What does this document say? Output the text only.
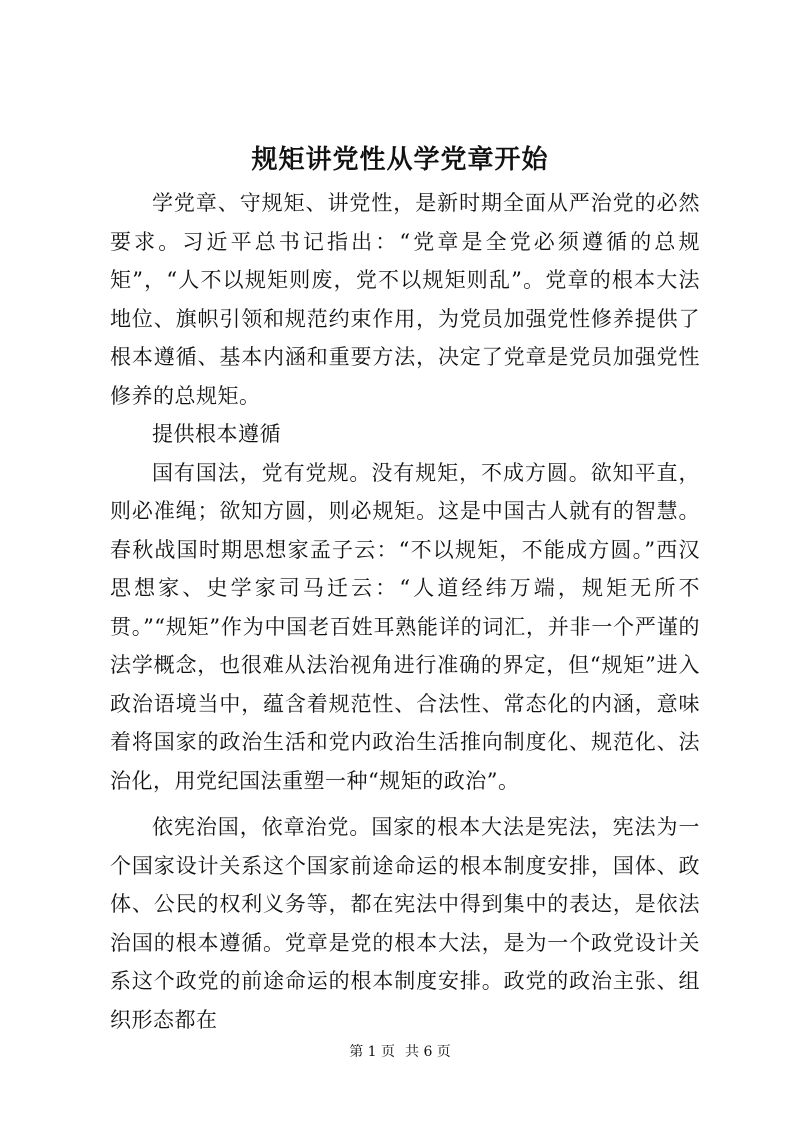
规矩讲党性从学党章开始

学党章、守规矩、讲党性，是新时期全面从严治党的必然要求。习近平总书记指出：“党章是全党必须遵循的总规矩”，“人不以规矩则废，党不以规矩则乱”。党章的根本大法地位、旗帜引领和规范约束作用，为党员加强党性修养提供了根本遵循、基本内涵和重要方法，决定了党章是党员加强党性修养的总规矩。

提供根本遵循

国有国法，党有党规。没有规矩，不成方圆。欲知平直，则必准绳；欲知方圆，则必规矩。这是中国古人就有的智慧。春秋战国时期思想家孟子云：“不以规矩，不能成方圆。”西汉思想家、史学家司马迁云：“人道经纬万端，规矩无所不贯。”“规矩”作为中国老百姓耳熟能详的词汇，并非一个严谨的法学概念，也很难从法治视角进行准确的界定，但“规矩”进入政治语境当中，蕴含着规范性、合法性、常态化的内涵，意味着将国家的政治生活和党内政治生活推向制度化、规范化、法治化，用党纪国法重塑一种“规矩的政治”。

依宪治国，依章治党。国家的根本大法是宪法，宪法为一个国家设计关系这个国家前途命运的根本制度安排，国体、政体、公民的权利义务等，都在宪法中得到集中的表达，是依法治国的根本遵循。党章是党的根本大法，是为一个政党设计关系这个政党的前途命运的根本制度安排。政党的政治主张、组织形态都在

第 1 页 共 6 页
